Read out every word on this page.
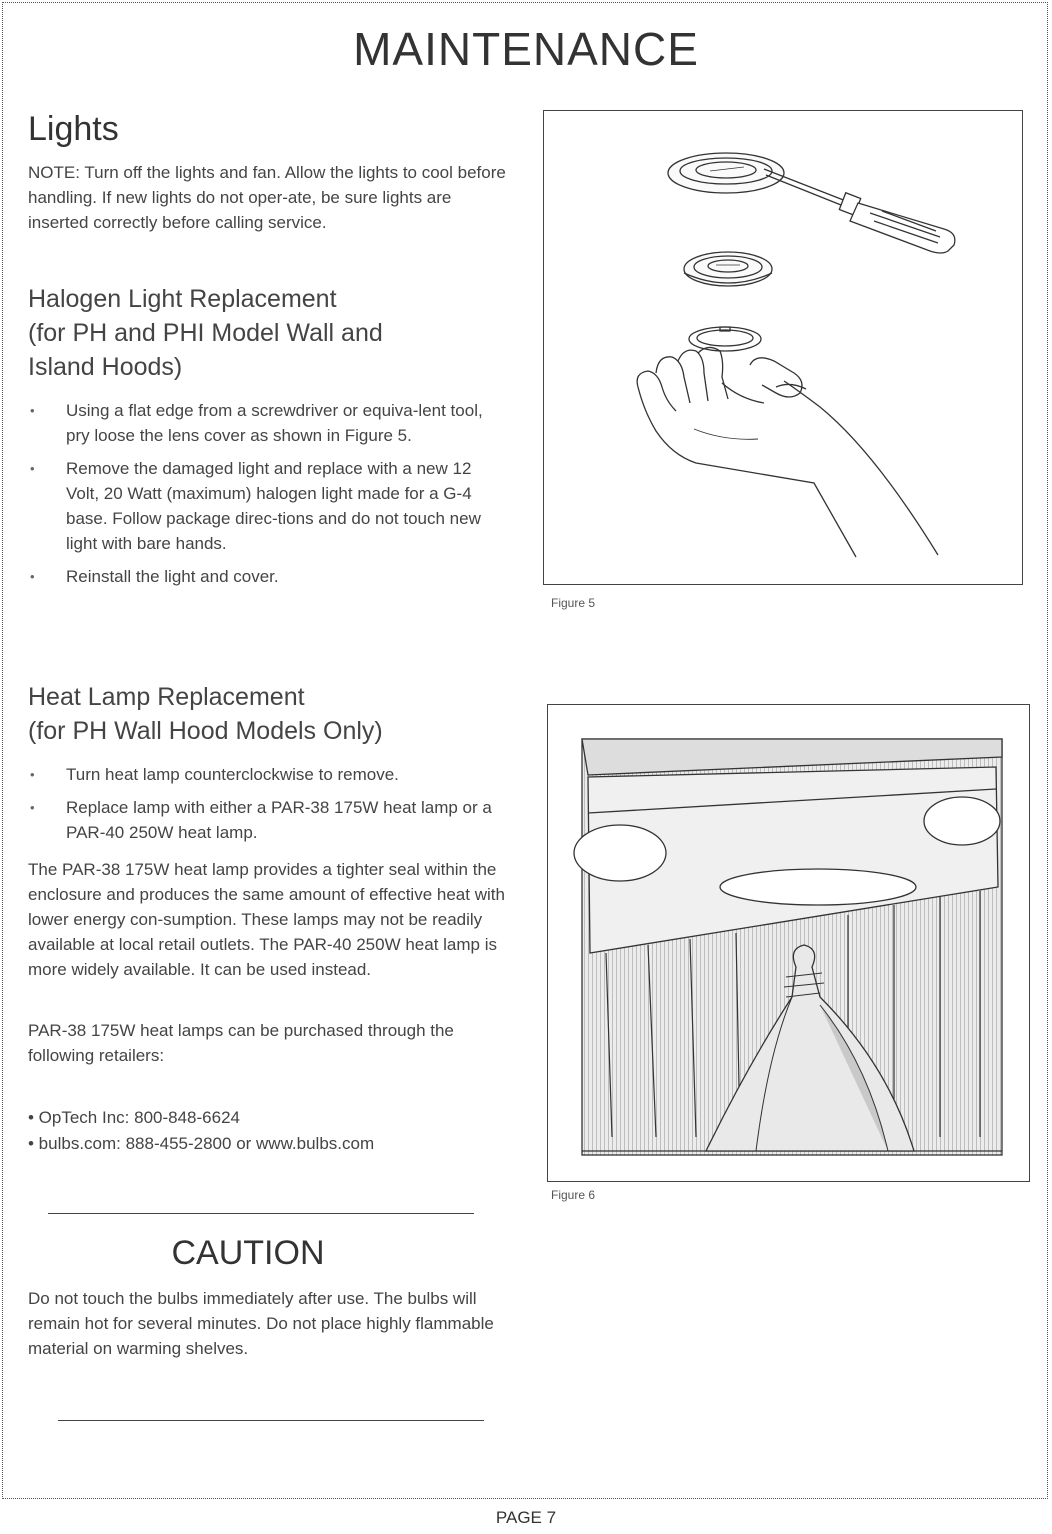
MAINTENANCE
Lights

NOTE: Turn off the lights and fan. Allow the lights to cool before handling. If new lights do not oper-ate, be sure lights are inserted correctly before calling service.

Halogen Light Replacement
(for PH and PHI Model Wall and
Island Hoods)
• Using a flat edge from a screwdriver or equiva-lent tool, pry loose the lens cover as shown in Figure 5.
• Remove the damaged light and replace with a new 12 Volt, 20 Watt (maximum) halogen light made for a G-4 base. Follow package direc-tions and do not touch new light with bare hands.
• Reinstall the light and cover.
Heat Lamp Replacement
(for PH Wall Hood Models Only)
• Turn heat lamp counterclockwise to remove.
• Replace lamp with either a PAR-38 175W heat lamp or a PAR-40 250W heat lamp.

The PAR-38 175W heat lamp provides a tighter seal within the enclosure and produces the same amount of effective heat with lower energy con-sumption. These lamps may not be readily available at local retail outlets. The PAR-40 250W heat lamp is more widely available. It can be used instead.

PAR-38 175W heat lamps can be purchased through the following retailers:

• OpTech Inc: 800-848-6624
• bulbs.com: 888-455-2800 or www.bulbs.com
CAUTION

Do not touch the bulbs immediately after use. The bulbs will remain hot for several minutes. Do not place highly flammable material on warming shelves.

Figure 5
Figure 6
PAGE 7
